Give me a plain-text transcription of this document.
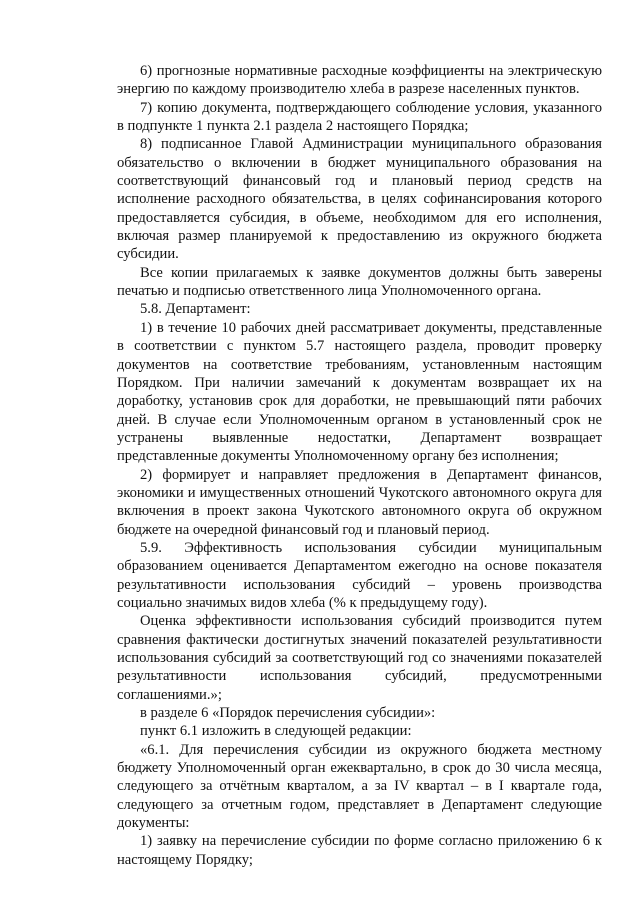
6) прогнозные нормативные расходные коэффициенты на электрическую энергию по каждому производителю хлеба в разрезе населенных пунктов.

7) копию документа, подтверждающего соблюдение условия, указанного в подпункте 1 пункта 2.1 раздела 2 настоящего Порядка;

8) подписанное Главой Администрации муниципального образования обязательство о включении в бюджет муниципального образования на соответствующий финансовый год и плановый период средств на исполнение расходного обязательства, в целях софинансирования которого предоставляется субсидия, в объеме, необходимом для его исполнения, включая размер планируемой к предоставлению из окружного бюджета субсидии.

Все копии прилагаемых к заявке документов должны быть заверены печатью и подписью ответственного лица Уполномоченного органа.

5.8. Департамент:

1) в течение 10 рабочих дней рассматривает документы, представленные в соответствии с пунктом 5.7 настоящего раздела, проводит проверку документов на соответствие требованиям, установленным настоящим Порядком. При наличии замечаний к документам возвращает их на доработку, установив срок для доработки, не превышающий пяти рабочих дней. В случае если Уполномоченным органом в установленный срок не устранены выявленные недостатки, Департамент возвращает представленные документы Уполномоченному органу без исполнения;

2) формирует и направляет предложения в Департамент финансов, экономики и имущественных отношений Чукотского автономного округа для включения в проект закона Чукотского автономного округа об окружном бюджете на очередной финансовый год и плановый период.

5.9. Эффективность использования субсидии муниципальным образованием оценивается Департаментом ежегодно на основе показателя результативности использования субсидий – уровень производства социально значимых видов хлеба (% к предыдущему году).

Оценка эффективности использования субсидий производится путем сравнения фактически достигнутых значений показателей результативности использования субсидий за соответствующий год со значениями показателей результативности использования субсидий, предусмотренными соглашениями.»;

в разделе 6 «Порядок перечисления субсидии»:

пункт 6.1 изложить в следующей редакции:

«6.1. Для перечисления субсидии из окружного бюджета местному бюджету Уполномоченный орган ежеквартально, в срок до 30 числа месяца, следующего за отчётным кварталом, а за IV квартал – в I квартале года, следующего за отчетным годом, представляет в Департамент следующие документы:

1) заявку на перечисление субсидии по форме согласно приложению 6 к настоящему Порядку;
